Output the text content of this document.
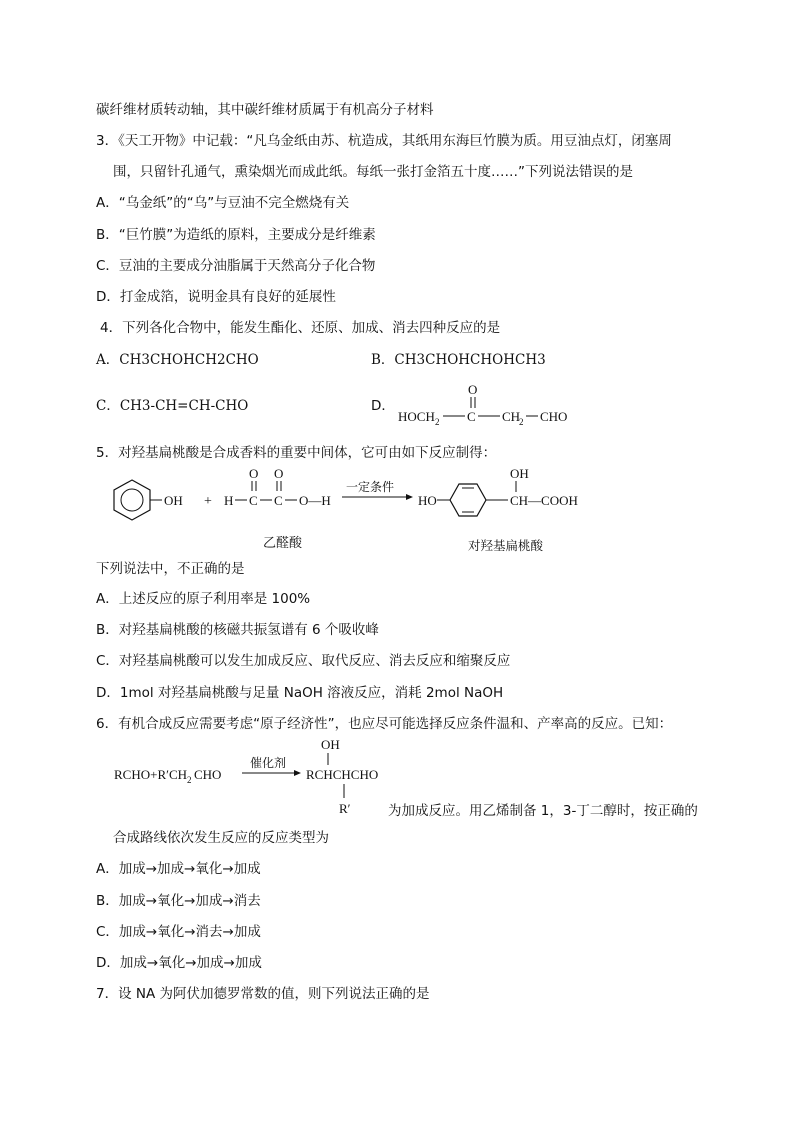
碳纤维材质转动轴，其中碳纤维材质属于有机高分子材料
3．《天工开物》中记载：“凡乌金纸由苏、杭造成，其纸用东海巨竹膜为质。用豆油点灯，闭塞周
围，只留针孔通气，熏染烟光而成此纸。每纸一张打金箔五十度……”下列说法错误的是
A．“乌金纸”的“乌”与豆油不完全燃烧有关
B．“巨竹膜”为造纸的原料，主要成分是纤维素
C．豆油的主要成分油脂属于天然高分子化合物
D．打金成箔，说明金具有良好的延展性
4．下列各化合物中，能发生酯化、还原、加成、消去四种反应的是
A．CH3CHOHCH2CHO	B．CH3CHOHCHOHCH3
C．CH3-CH=CH-CHO	D．
O
HOCH 2 C CH
2 CHO
5．对羟基扁桃酸是合成香料的重要中间体，它可由如下反应制得：
OH + H C
O
C
O
O—H
一定条件
HO
OH
CH—COOH
乙醛酸	对羟基扁桃酸
下列说法中，不正确的是
A．上述反应的原子利用率是 100%
B．对羟基扁桃酸的核磁共振氢谱有 6 个吸收峰
C．对羟基扁桃酸可以发生加成反应、取代反应、消去反应和缩聚反应
D．1mol 对羟基扁桃酸与足量 NaOH 溶液反应，消耗 2mol NaOH
6．有机合成反应需要考虑“原子经济性”，也应尽可能选择反应条件温和、产率高的反应。已知：
RCHO+R′CH 2 CHO
催化剂
OH
RCHCHCHO
R′	为加成反应。用乙烯制备 1，3-丁二醇时，按正确的
合成路线依次发生反应的反应类型为
A．加成→加成→氧化→加成
B．加成→氧化→加成→消去
C．加成→氧化→消去→加成
D．加成→氧化→加成→加成
7．设 NA 为阿伏加德罗常数的值，则下列说法正确的是
